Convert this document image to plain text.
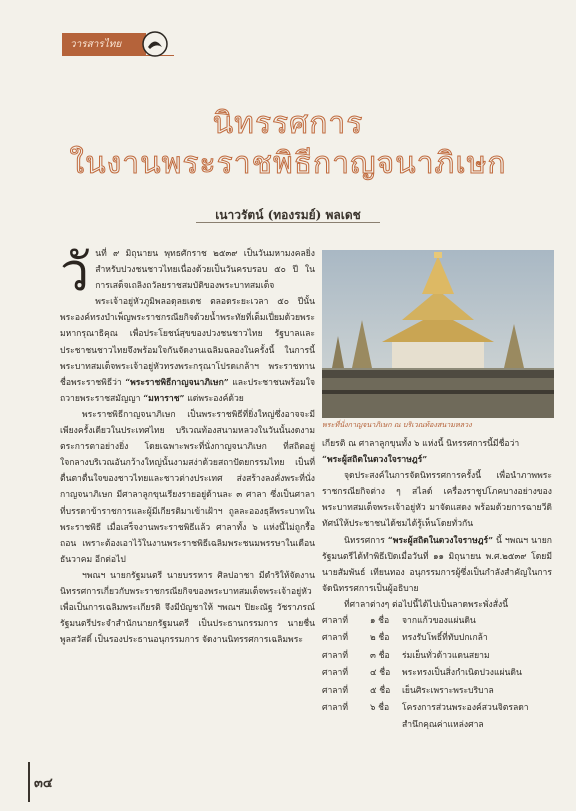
วารสารไทย
นิทรรศการ
ในงานพระราชพิธีกาญจนาภิเษก
เนาวรัตน์ (ทองรมย์) พลเดช
วั นที่ ๙ มิถุนายน พุทธศักราช ๒๕๓๙ เป็นวันมหามงคลยิ่งสำหรับปวงชนชาวไทยเนื่องด้วยเป็นวันครบรอบ ๕๐ ปี ในการเสด็จเถลิงถวัลยราชสมบัติของพระบาทสมเด็จพระเจ้าอยู่หัวภูมิพลอดุลยเดช ตลอดระยะเวลา ๕๐ ปีนั้น พระองค์ทรงบำเพ็ญพระราชกรณียกิจด้วยน้ำพระทัยที่เต็มเปี่ยมด้วยพระมหากรุณาธิคุณ เพื่อประโยชน์สุขของปวงชนชาวไทย รัฐบาลและประชาชนชาวไทยจึงพร้อมใจกันจัดงานเฉลิมฉลองในครั้งนี้ ในการนี้พระบาทสมเด็จพระเจ้าอยู่หัวทรงพระกรุณาโปรดเกล้าฯ พระราชทานชื่อพระราชพิธีว่า “พระราชพิธีกาญจนาภิเษก” และประชาชนพร้อมใจถวายพระราชสมัญญา “มหาราช” แด่พระองค์ด้วย

พระราชพิธีกาญจนาภิเษก เป็นพระราชพิธีที่ยิ่งใหญ่ซึ่งอาจจะมีเพียงครั้งเดียวในประเทศไทย บริเวณท้องสนามหลวงในวันนั้นงดงามตระการตาอย่างยิ่ง โดยเฉพาะพระที่นั่งกาญจนาภิเษก ที่สถิตอยู่ใจกลางบริเวณอันกว้างใหญ่นั้นงามสง่าด้วยสถาปัตยกรรมไทย เป็นที่ตื่นตาตื่นใจของชาวไทยและชาวต่างประเทศ ส่งสร้างลงคั่งพระที่นั่งกาญจนาภิเษก มีศาลาลูกขุนเรียงรายอยู่ด้านละ ๓ ศาลา ซึ่งเป็นศาลาที่บรรดาข้าราชการและผู้มีเกียรติมาเข้าเฝ้าฯ ถูลละอองธุลีพระบาทในพระราชพิธี เมื่อเสร็จงานพระราชพิธีแล้ว ศาลาทั้ง ๖ แห่งนี้ไม่ถูกรื้อถอน เพราะต้องเอาไว้ในงานพระราชพิธีเฉลิมพระชนมพรรษาในเดือนธันวาคม อีกต่อไป

ฯพณฯ นายกรัฐมนตรี นายบรรหาร ศิลปอาชา มีดำริให้จัดงานนิทรรศการเกี่ยวกับพระราชกรณียกิจของพระบาทสมเด็จพระเจ้าอยู่หัวเพื่อเป็นการเฉลิมพระเกียรติ จึงมีบัญชาให้ ฯพณฯ ปิยะณัฐ วัชราภรณ์ รัฐมนตรีประจำสำนักนายกรัฐมนตรี เป็นประธานกรรมการ นายชื่น พูลสวัสดิ์ เป็นรองประธานอนุกรรมการ จัดงานนิทรรศการเฉลิมพระ

พระที่นั่งกาญจนาภิเษก ณ บริเวณท้องสนามหลวง

เกียรติ ณ ศาลาลูกขุนทั้ง ๖ แห่งนี้ นิทรรศการนี้มีชื่อว่า
“พระผู้สถิตในดวงใจราษฎร์”

จุดประสงค์ในการจัดนิทรรศการครั้งนี้ เพื่อนำภาพพระราชกรณียกิจต่าง ๆ สไลด์ เครื่องราชูปโภคบางอย่างของพระบาทสมเด็จพระเจ้าอยู่หัว มาจัดแสดง พร้อมด้วยการฉายวีดิทัศน์ให้ประชาชนได้ชมได้รู้เห็นโดยทั่วกัน

นิทรรศการ “พระผู้สถิตในดวงใจราษฎร์” นี้ ฯพณฯ นายกรัฐมนตรีได้ทำพิธีเปิดเมื่อวันที่ ๑๑ มิถุนายน พ.ศ.๒๕๓๙ โดยมีนายสัมพันธ์ เทียนทอง อนุกรรมการผู้ซึ่งเป็นกำลังสำคัญในการจัดนิทรรศการเป็นผู้อธิบาย

ที่ศาลาต่างๆ ต่อไปนี้ได้ไปเป็นลาดพระพั่งสั่งนี้

ศาลาที่	๑ ชื่อ	จากแก้วของแผ่นดิน
ศาลาที่	๒ ชื่อ	ทรงรับโพธิ์ที่ทับปกเกล้า
ศาลาที่	๓ ชื่อ	ร่มเย็นทั่วด้าวแดนสยาม
ศาลาที่	๔ ชื่อ	พระทรงเป็นสิ่งกำเนิดปวงแผ่นดิน
ศาลาที่	๕ ชื่อ	เย็นศิระเพราะพระบริบาล
ศาลาที่	๖ ชื่อ	โครงการส่วนพระองค์สวนจิตรลดา สำนึกคุณค่าแหล่งศาล
๓๔
